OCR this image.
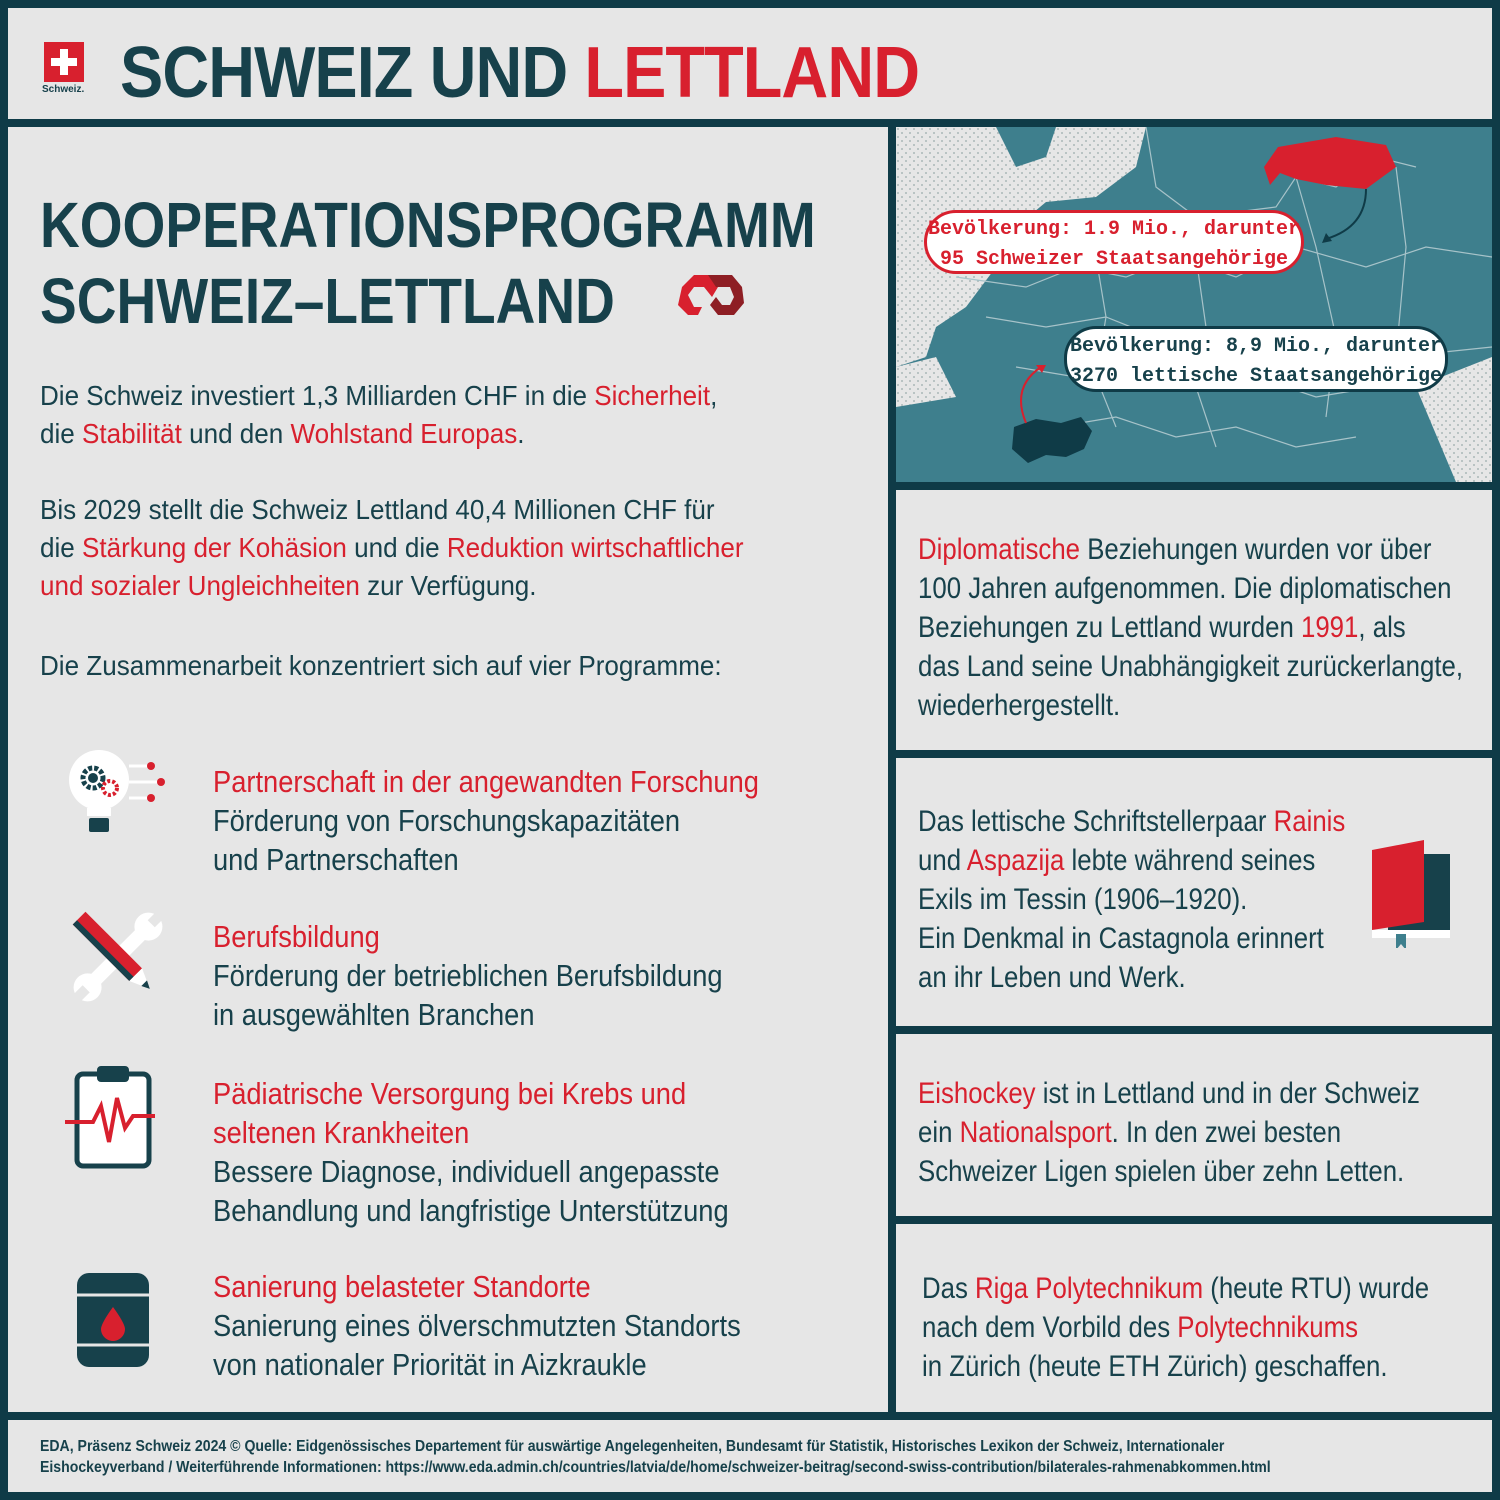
Schweiz. SCHWEIZ UND LETTLAND
KOOPERATIONSPROGRAMM
SCHWEIZ–LETTLAND
Die Schweiz investiert 1,3 Milliarden CHF in die Sicherheit,
die Stabilität und den Wohlstand Europas.
Bis 2029 stellt die Schweiz Lettland 40,4 Millionen CHF für
die Stärkung der Kohäsion und die Reduktion wirtschaftlicher
und sozialer Ungleichheiten zur Verfügung.
Die Zusammenarbeit konzentriert sich auf vier Programme:
Partnerschaft in der angewandten Forschung
Förderung von Forschungskapazitäten
und Partnerschaften
Berufsbildung
Förderung der betrieblichen Berufsbildung
in ausgewählten Branchen
Pädiatrische Versorgung bei Krebs und
seltenen Krankheiten
Bessere Diagnose, individuell angepasste
Behandlung und langfristige Unterstützung
Sanierung belasteter Standorte
Sanierung eines ölverschmutzten Standorts
von nationaler Priorität in Aizkraukle
Bevölkerung: 1.9 Mio., darunter
95 Schweizer Staatsangehörige
Bevölkerung: 8,9 Mio., darunter
3270 lettische Staatsangehörige
Diplomatische Beziehungen wurden vor über
100 Jahren aufgenommen. Die diplomatischen
Beziehungen zu Lettland wurden 1991, als
das Land seine Unabhängigkeit zurückerlangte,
wiederhergestellt.
Das lettische Schriftstellerpaar Rainis
und Aspazija lebte während seines
Exils im Tessin (1906–1920).
Ein Denkmal in Castagnola erinnert
an ihr Leben und Werk.
Eishockey ist in Lettland und in der Schweiz
ein Nationalsport. In den zwei besten
Schweizer Ligen spielen über zehn Letten.
Das Riga Polytechnikum (heute RTU) wurde
nach dem Vorbild des Polytechnikums
in Zürich (heute ETH Zürich) geschaffen.
EDA, Präsenz Schweiz 2024 © Quelle: Eidgenössisches Departement für auswärtige Angelegenheiten, Bundesamt für Statistik, Historisches Lexikon der Schweiz, Internationaler
Eishockeyverband / Weiterführende Informationen: https://www.eda.admin.ch/countries/latvia/de/home/schweizer-beitrag/second-swiss-contribution/bilaterales-rahmenabkommen.html
